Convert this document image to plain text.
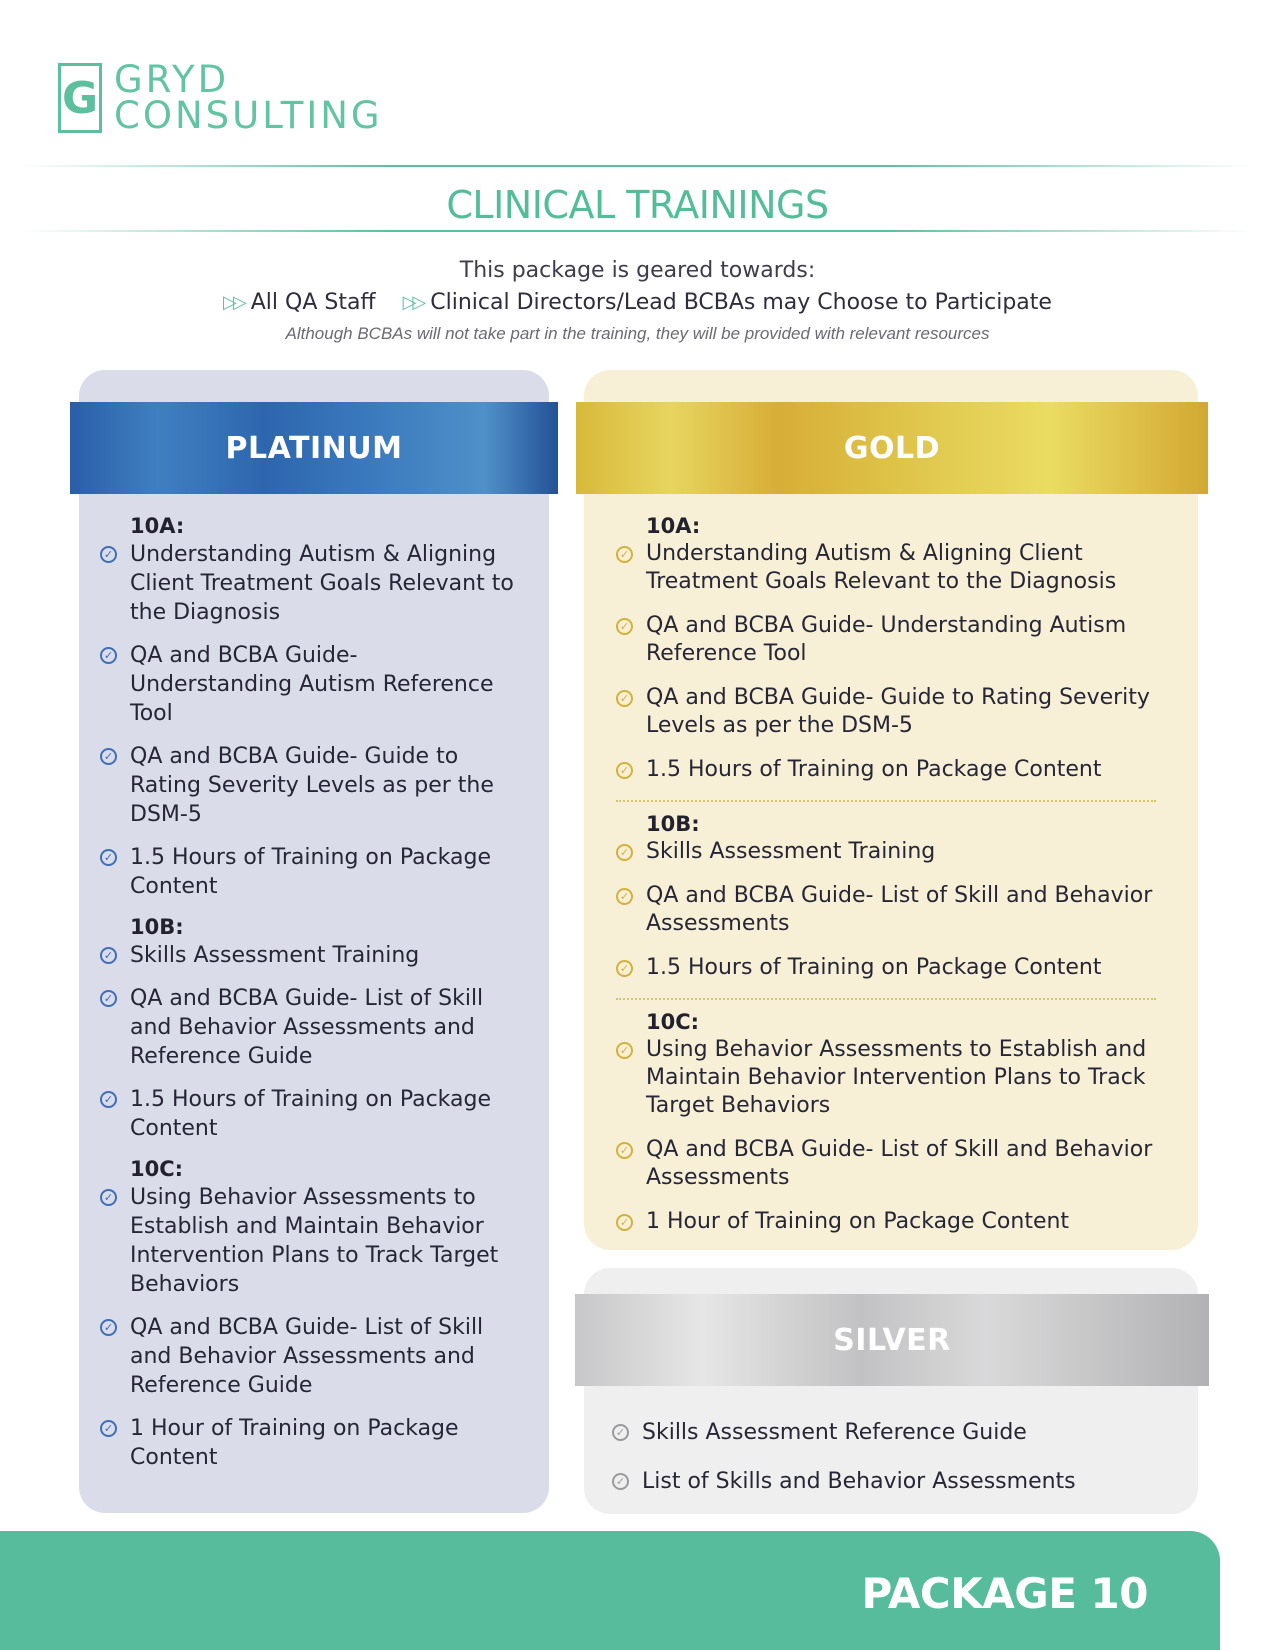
G GRYD
CONSULTING
CLINICAL TRAININGS
This package is geared towards:
▷▷ All QA Staff
▷▷ Clinical Directors/Lead BCBAs may Choose to Participate
Although BCBAs will not take part in the training, they will be provided with relevant resources
PLATINUM	GOLD
SILVER
10A:
✓ Understanding Autism & Aligning Client Treatment Goals Relevant to the Diagnosis
✓ QA and BCBA Guide- Understanding Autism Reference Tool
✓ QA and BCBA Guide- Guide to Rating Severity Levels as per the DSM-5
✓ 1.5 Hours of Training on Package Content
10B:
✓ Skills Assessment Training
✓ QA and BCBA Guide- List of Skill and Behavior Assessments and Reference Guide
✓ 1.5 Hours of Training on Package Content
10C:
✓ Using Behavior Assessments to Establish and Maintain Behavior Intervention Plans to Track Target Behaviors
✓ QA and BCBA Guide- List of Skill and Behavior Assessments and Reference Guide
✓ 1 Hour of Training on Package Content
10A:
✓ Understanding Autism & Aligning Client Treatment Goals Relevant to the Diagnosis
✓ QA and BCBA Guide- Understanding Autism Reference Tool
✓ QA and BCBA Guide- Guide to Rating Severity Levels as per the DSM-5
✓ 1.5 Hours of Training on Package Content
10B:
✓ Skills Assessment Training
✓ QA and BCBA Guide- List of Skill and Behavior Assessments
✓ 1.5 Hours of Training on Package Content
10C:
✓ Using Behavior Assessments to Establish and Maintain Behavior Intervention Plans to Track Target Behaviors
✓ QA and BCBA Guide- List of Skill and Behavior Assessments
✓ 1 Hour of Training on Package Content
✓ Skills Assessment Reference Guide
✓ List of Skills and Behavior Assessments
PACKAGE 10
